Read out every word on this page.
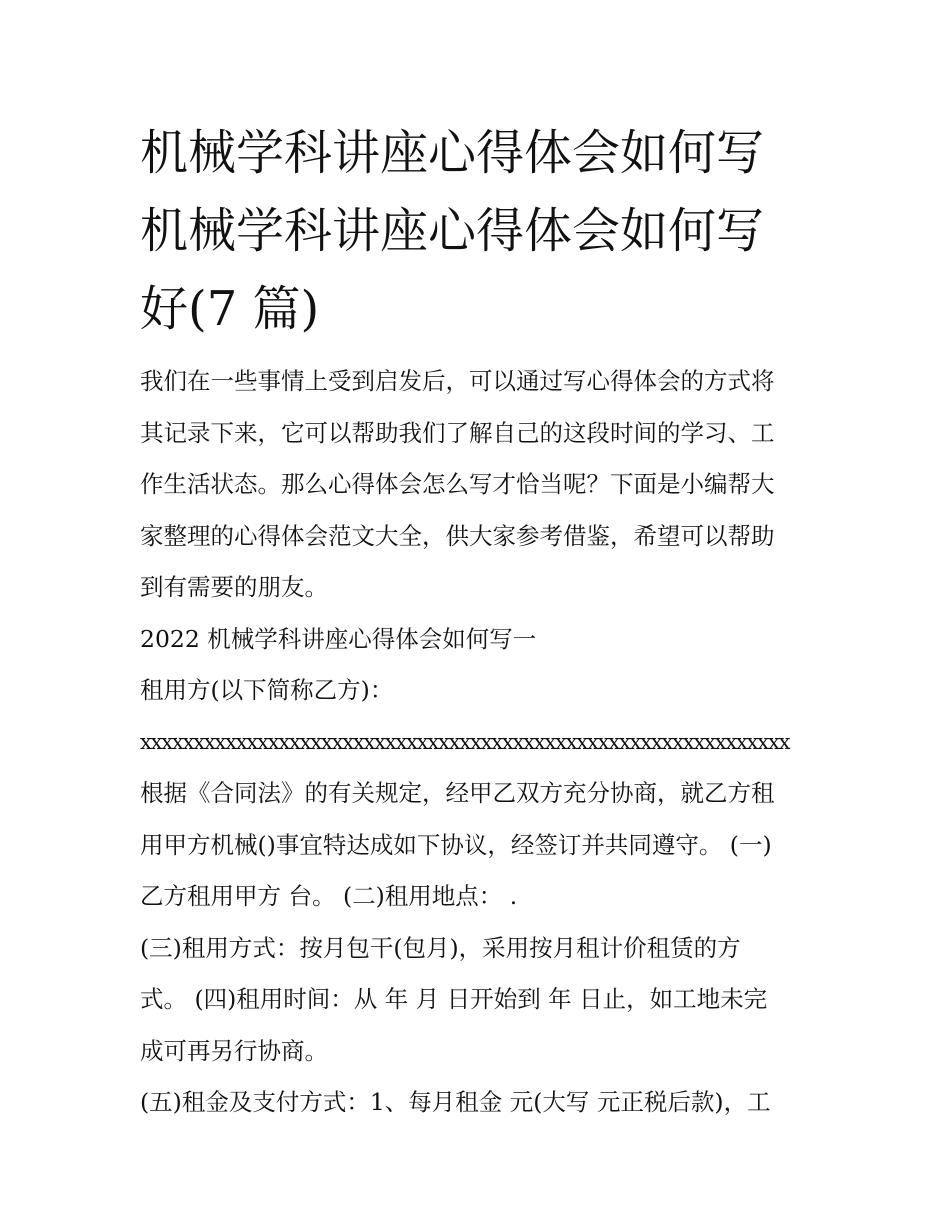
机械学科讲座心得体会如何写
机械学科讲座心得体会如何写
好(7 篇)

我们在一些事情上受到启发后，可以通过写心得体会的方式将

其记录下来，它可以帮助我们了解自己的这段时间的学习、工

作生活状态。那么心得体会怎么写才恰当呢？下面是小编帮大

家整理的心得体会范文大全，供大家参考借鉴，希望可以帮助

到有需要的朋友。

2022 机械学科讲座心得体会如何写一

租用方(以下简称乙方)：

xxxxxxxxxxxxxxxxxxxxxxxxxxxxxxxxxxxxxxxxxxxxxxxxxxxxxxxxxxxxx

根据《合同法》的有关规定，经甲乙双方充分协商，就乙方租

用甲方机械()事宜特达成如下协议，经签订并共同遵守。 (一)

乙方租用甲方 台。 (二)租用地点： .

(三)租用方式：按月包干(包月)，采用按月租计价租赁的方

式。 (四)租用时间：从 年 月 日开始到 年 日止，如工地未完

成可再另行协商。

(五)租金及支付方式：1、每月租金 元(大写 元正税后款)，工
